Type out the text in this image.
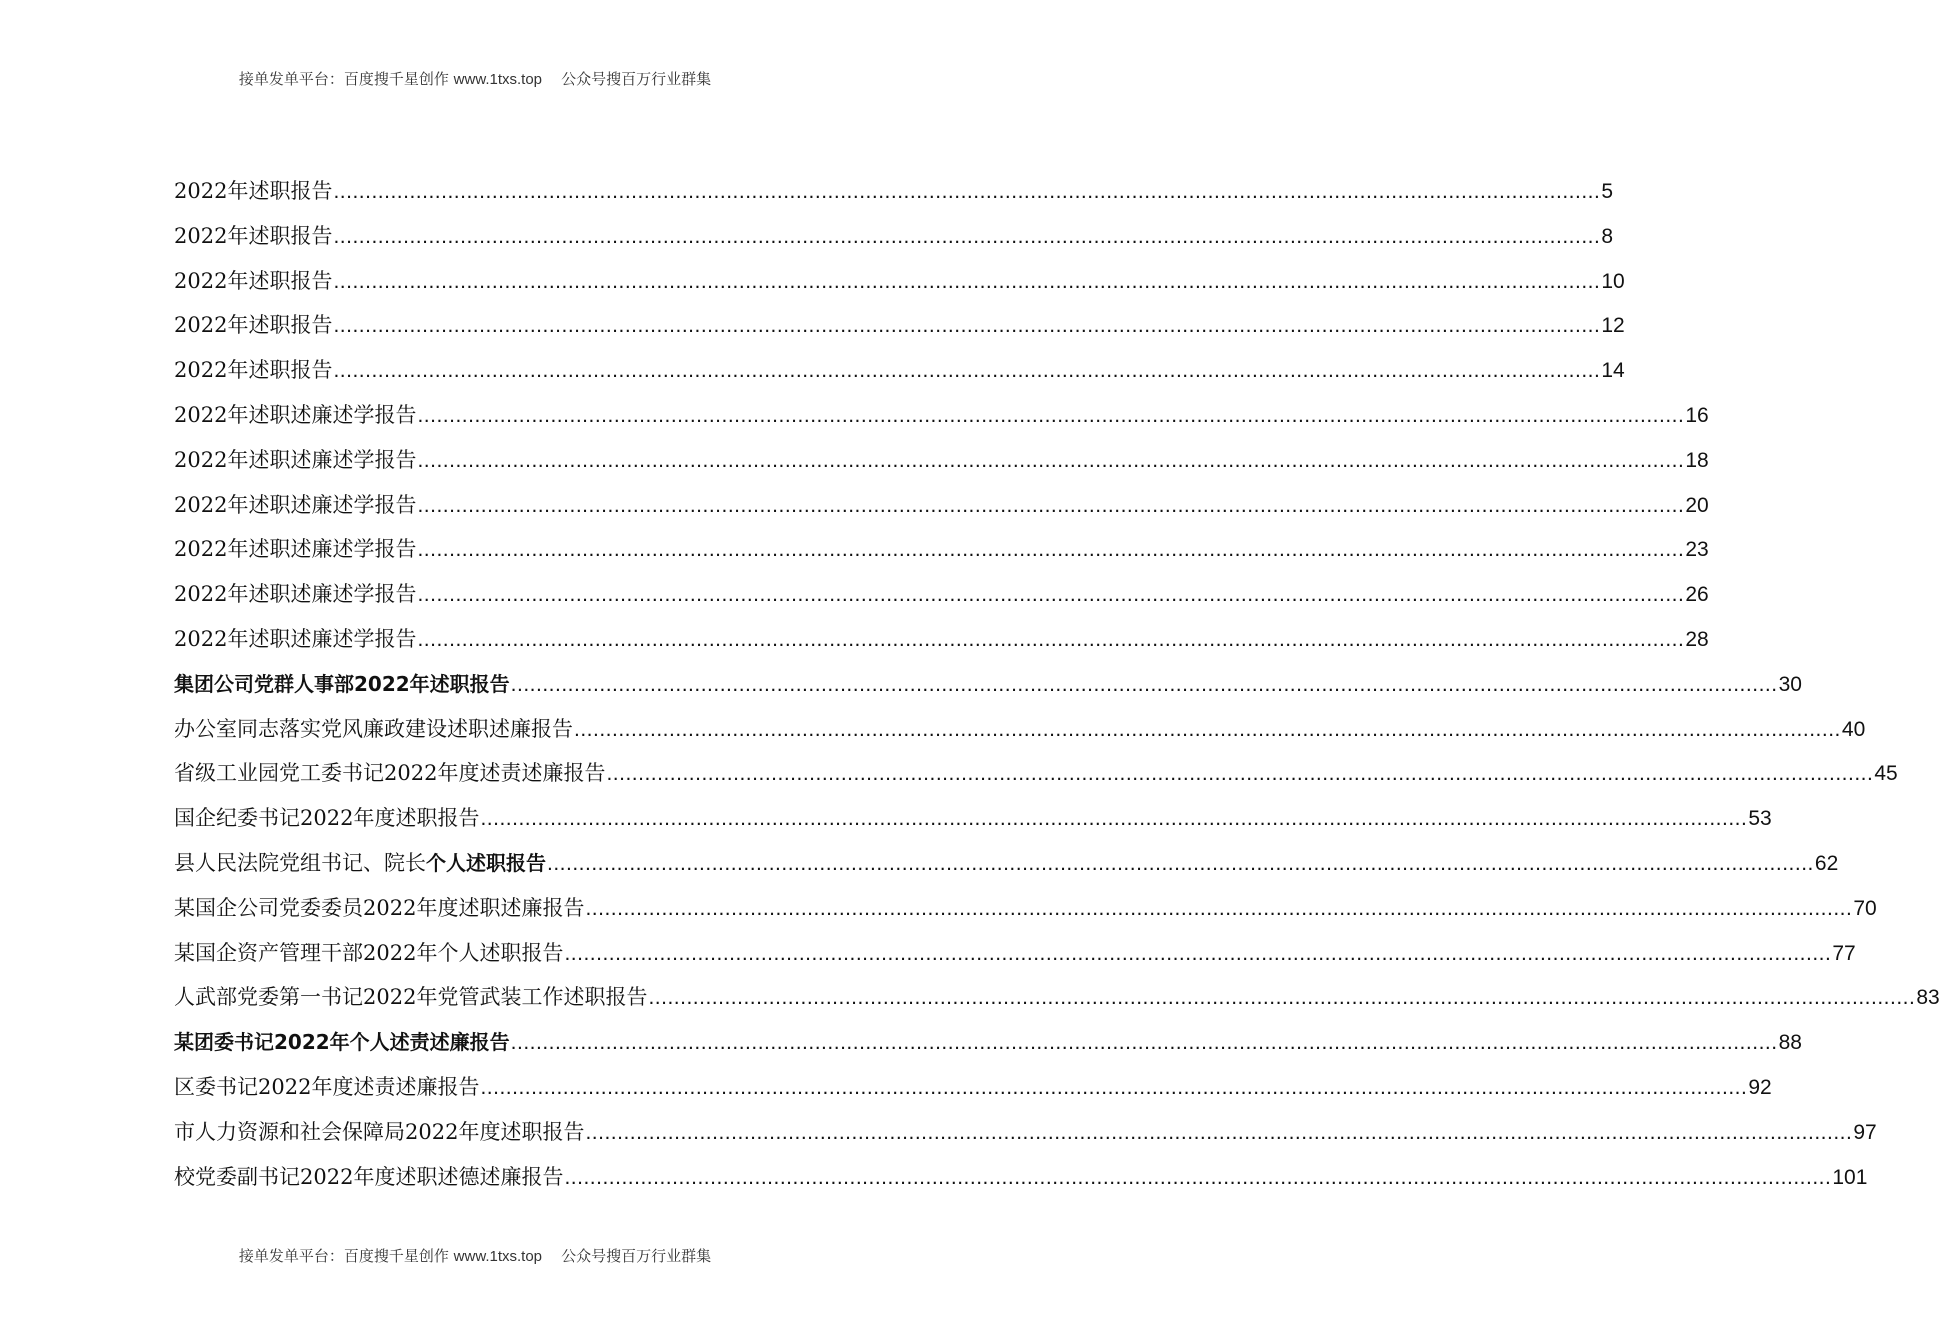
接单发单平台：百度搜千星创作 www.1txs.top 公众号搜百万行业群集
2022年述职报告 ........................................................................................................................................................................................................ 5
2022年述职报告 ........................................................................................................................................................................................................ 8
2022年述职报告 ........................................................................................................................................................................................................ 10
2022年述职报告 ........................................................................................................................................................................................................ 12
2022年述职报告 ........................................................................................................................................................................................................ 14
2022年述职述廉述学报告 ........................................................................................................................................................................................................ 16
2022年述职述廉述学报告 ........................................................................................................................................................................................................ 18
2022年述职述廉述学报告 ........................................................................................................................................................................................................ 20
2022年述职述廉述学报告 ........................................................................................................................................................................................................ 23
2022年述职述廉述学报告 ........................................................................................................................................................................................................ 26
2022年述职述廉述学报告 ........................................................................................................................................................................................................ 28
集团公司党群人事部2022年述职报告 ........................................................................................................................................................................................................ 30
办公室同志落实党风廉政建设述职述廉报告 ........................................................................................................................................................................................................ 40
省级工业园党工委书记2022年度述责述廉报告 ........................................................................................................................................................................................................ 45
国企纪委书记2022年度述职报告 ........................................................................................................................................................................................................ 53
县人民法院党组书记、院长个人述职报告 ........................................................................................................................................................................................................ 62
某国企公司党委委员2022年度述职述廉报告 ........................................................................................................................................................................................................ 70
某国企资产管理干部2022年个人述职报告 ........................................................................................................................................................................................................ 77
人武部党委第一书记2022年党管武装工作述职报告 ........................................................................................................................................................................................................ 83
某团委书记2022年个人述责述廉报告 ........................................................................................................................................................................................................ 88
区委书记2022年度述责述廉报告 ........................................................................................................................................................................................................ 92
市人力资源和社会保障局2022年度述职报告 ........................................................................................................................................................................................................ 97
校党委副书记2022年度述职述德述廉报告 ........................................................................................................................................................................................................ 101
接单发单平台：百度搜千星创作 www.1txs.top 公众号搜百万行业群集
